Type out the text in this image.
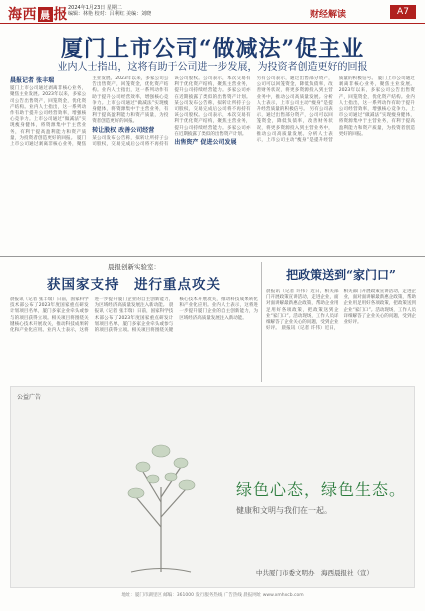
海西 晨 报 2024年1月23日 星期二
编辑：林艳 校对：吕利红 美编：刘晓	财经解读	A7
厦门上市公司“做减法”促主业
业内人士指出，这将有助于公司进一步发展，为投资者创造更好的回报
晨报记者 张丰瑞
厦门上市公司通过剥离非核心业务，聚焦主业发展。2023年以来，多家公司公告出售资产，回笼资金，优化资产结构。业内人士指出，这一系列动作有助于提升公司经营效率，增强核心竞争力。上市公司通过“做减法”实现瘦身健体，将资源集中于主营业务，有利于提高盈利能力和资产质量，为投资者创造更好的回报。 厦门上市公司通过剥离非核心业务，聚焦主业发展。2023年以来，多家公司公告出售资产，回笼资金，优化资产结构。业内人士指出，这一系列动作有助于提升公司经营效率，增强核心竞争力。上市公司通过“做减法”实现瘦身健体，将资源集中于主营业务，有利于提高盈利能力和资产质量，为投资者创造更好的回报。
转让股权 改善公司经营
某公司发布公告称，拟转让所持子公司股权，交易完成后公司将不再持有该公司股权。公司表示，本次交易有利于优化资产结构，聚焦主营业务，提升公司持续经营能力。多家公司亦在近期披露了类似的出售资产计划。 某公司发布公告称，拟转让所持子公司股权，交易完成后公司将不再持有该公司股权。公司表示，本次交易有利于优化资产结构，聚焦主营业务，提升公司持续经营能力。多家公司亦在近期披露了类似的出售资产计划。
出售资产 促进公司发展
另有公司表示，通过出售部分资产，公司可以回笼资金，降低负债率，改善财务状况，将更多资源投入到主营业务中，推动公司高质量发展。分析人士表示，上市公司主动“瘦身”是提升经营质量的积极信号。 另有公司表示，通过出售部分资产，公司可以回笼资金，降低负债率，改善财务状况，将更多资源投入到主营业务中，推动公司高质量发展。分析人士表示，上市公司主动“瘦身”是提升经营质量的积极信号。 厦门上市公司通过剥离非核心业务，聚焦主业发展。2023年以来，多家公司公告出售资产，回笼资金，优化资产结构。业内人士指出，这一系列动作有助于提升公司经营效率，增强核心竞争力。上市公司通过“做减法”实现瘦身健体，将资源集中于主营业务，有利于提高盈利能力和资产质量，为投资者创造更好的回报。
晨报创新实验室：
获国家支持　进行重点攻关
晨报讯（记者 张丰瑞）日前，国家科学技术部公布了2023年度国家重点研发计划项目名单，厦门多家企业牵头或参与的项目获得立项。相关项目将围绕关键核心技术开展攻关，推动科技成果转化和产业化应用。业内人士表示，这将进一步提升厦门企业的自主创新能力，为区域经济高质量发展注入新动能。 晨报讯（记者 张丰瑞）日前，国家科学技术部公布了2023年度国家重点研发计划项目名单，厦门多家企业牵头或参与的项目获得立项。相关项目将围绕关键核心技术开展攻关，推动科技成果转化和产业化应用。业内人士表示，这将进一步提升厦门企业的自主创新能力，为区域经济高质量发展注入新动能。
把政策送到“家门口”
晨报讯（记者 许伟）近日，相关部门开展政策宣讲活动，走进企业，面对面讲解最新惠企政策，帮助企业用足用好各项政策，把政策送到企业“家门口”。活动现场，工作人员详细解答了企业关心的问题，受到企业好评。 晨报讯（记者 许伟）近日，相关部门开展政策宣讲活动，走进企业，面对面讲解最新惠企政策，帮助企业用足用好各项政策，把政策送到企业“家门口”。活动现场，工作人员详细解答了企业关心的问题，受到企业好评。
公益广告
绿色心态，绿色生态。
健康和文明与我们在一起。
中共厦门市委文明办　海西晨报社（宣）
地址：厦门市湖里区 邮编：361000 发行服务热线 广告热线 晨报网址 www.xmhxcb.com
